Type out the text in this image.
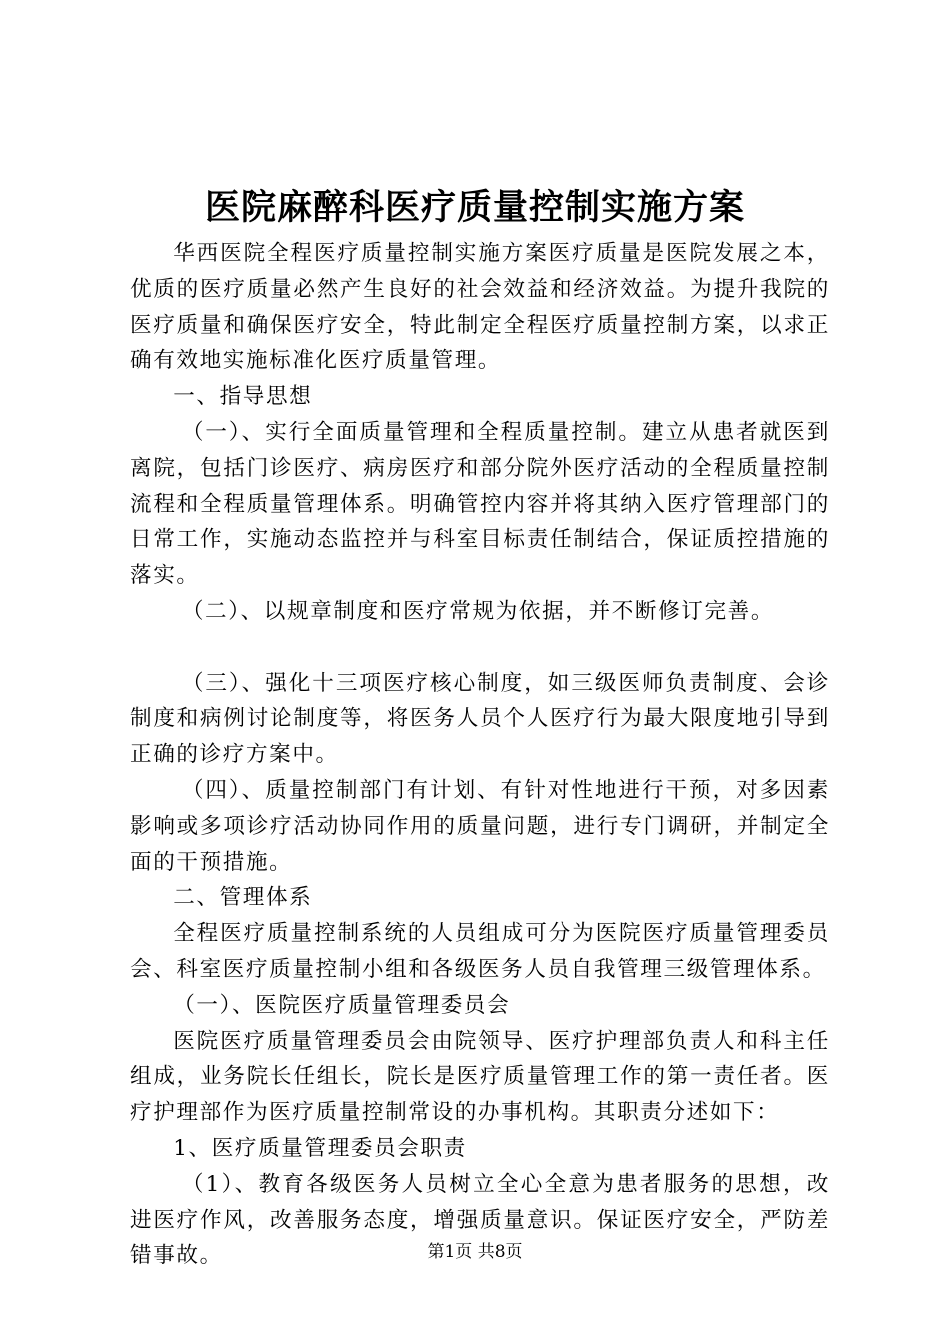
医院麻醉科医疗质量控制实施方案

华西医院全程医疗质量控制实施方案医疗质量是医院发展之本，优质的医疗质量必然产生良好的社会效益和经济效益。为提升我院的医疗质量和确保医疗安全，特此制定全程医疗质量控制方案，以求正确有效地实施标准化医疗质量管理。

一、指导思想

（一）、实行全面质量管理和全程质量控制。建立从患者就医到离院，包括门诊医疗、病房医疗和部分院外医疗活动的全程质量控制流程和全程质量管理体系。明确管控内容并将其纳入医疗管理部门的日常工作，实施动态监控并与科室目标责任制结合，保证质控措施的落实。

（二）、以规章制度和医疗常规为依据，并不断修订完善。

（三）、强化十三项医疗核心制度，如三级医师负责制度、会诊制度和病例讨论制度等，将医务人员个人医疗行为最大限度地引导到正确的诊疗方案中。

（四）、质量控制部门有计划、有针对性地进行干预，对多因素影响或多项诊疗活动协同作用的质量问题，进行专门调研，并制定全面的干预措施。

二、管理体系

全程医疗质量控制系统的人员组成可分为医院医疗质量管理委员会、科室医疗质量控制小组和各级医务人员自我管理三级管理体系。

（一）、医院医疗质量管理委员会

医院医疗质量管理委员会由院领导、医疗护理部负责人和科主任组成，业务院长任组长，院长是医疗质量管理工作的第一责任者。医疗护理部作为医疗质量控制常设的办事机构。其职责分述如下：

1、医疗质量管理委员会职责

（1）、教育各级医务人员树立全心全意为患者服务的思想，改进医疗作风，改善服务态度，增强质量意识。保证医疗安全，严防差错事故。	第1页 共8页
